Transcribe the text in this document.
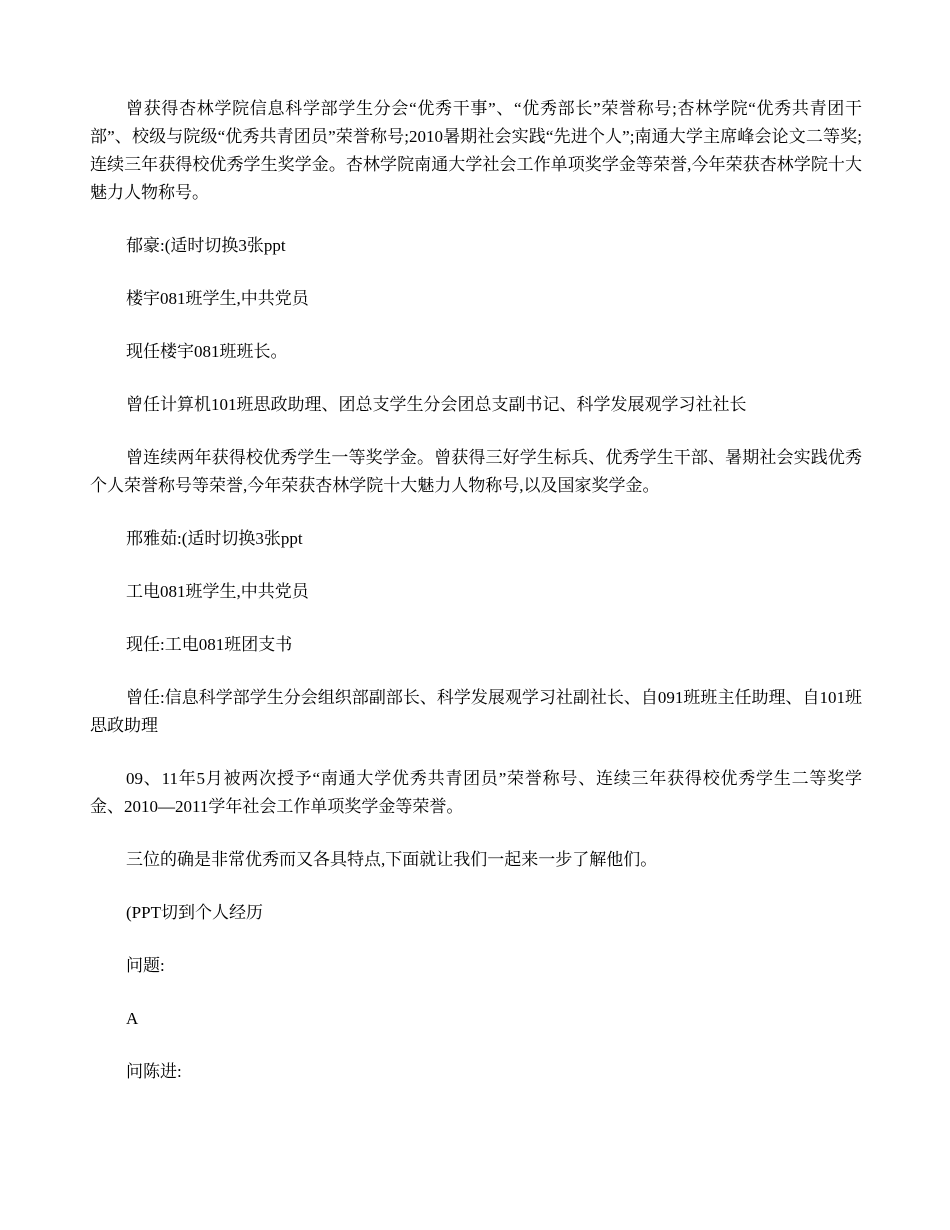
曾获得杏林学院信息科学部学生分会“优秀干事”、“优秀部长”荣誉称号;杏林学院“优秀共青团干部”、校级与院级“优秀共青团员”荣誉称号;2010暑期社会实践“先进个人”;南通大学主席峰会论文二等奖;连续三年获得校优秀学生奖学金。杏林学院南通大学社会工作单项奖学金等荣誉,今年荣获杏林学院十大魅力人物称号。

郁豪:(适时切换3张ppt

楼宇081班学生,中共党员

现任楼宇081班班长。

曾任计算机101班思政助理、团总支学生分会团总支副书记、科学发展观学习社社长

曾连续两年获得校优秀学生一等奖学金。曾获得三好学生标兵、优秀学生干部、暑期社会实践优秀个人荣誉称号等荣誉,今年荣获杏林学院十大魅力人物称号,以及国家奖学金。

邢雅茹:(适时切换3张ppt

工电081班学生,中共党员

现任:工电081班团支书

曾任:信息科学部学生分会组织部副部长、科学发展观学习社副社长、自091班班主任助理、自101班思政助理

09、11年5月被两次授予“南通大学优秀共青团员”荣誉称号、连续三年获得校优秀学生二等奖学金、2010—2011学年社会工作单项奖学金等荣誉。

三位的确是非常优秀而又各具特点,下面就让我们一起来一步了解他们。

(PPT切到个人经历

问题:

A

问陈进:
